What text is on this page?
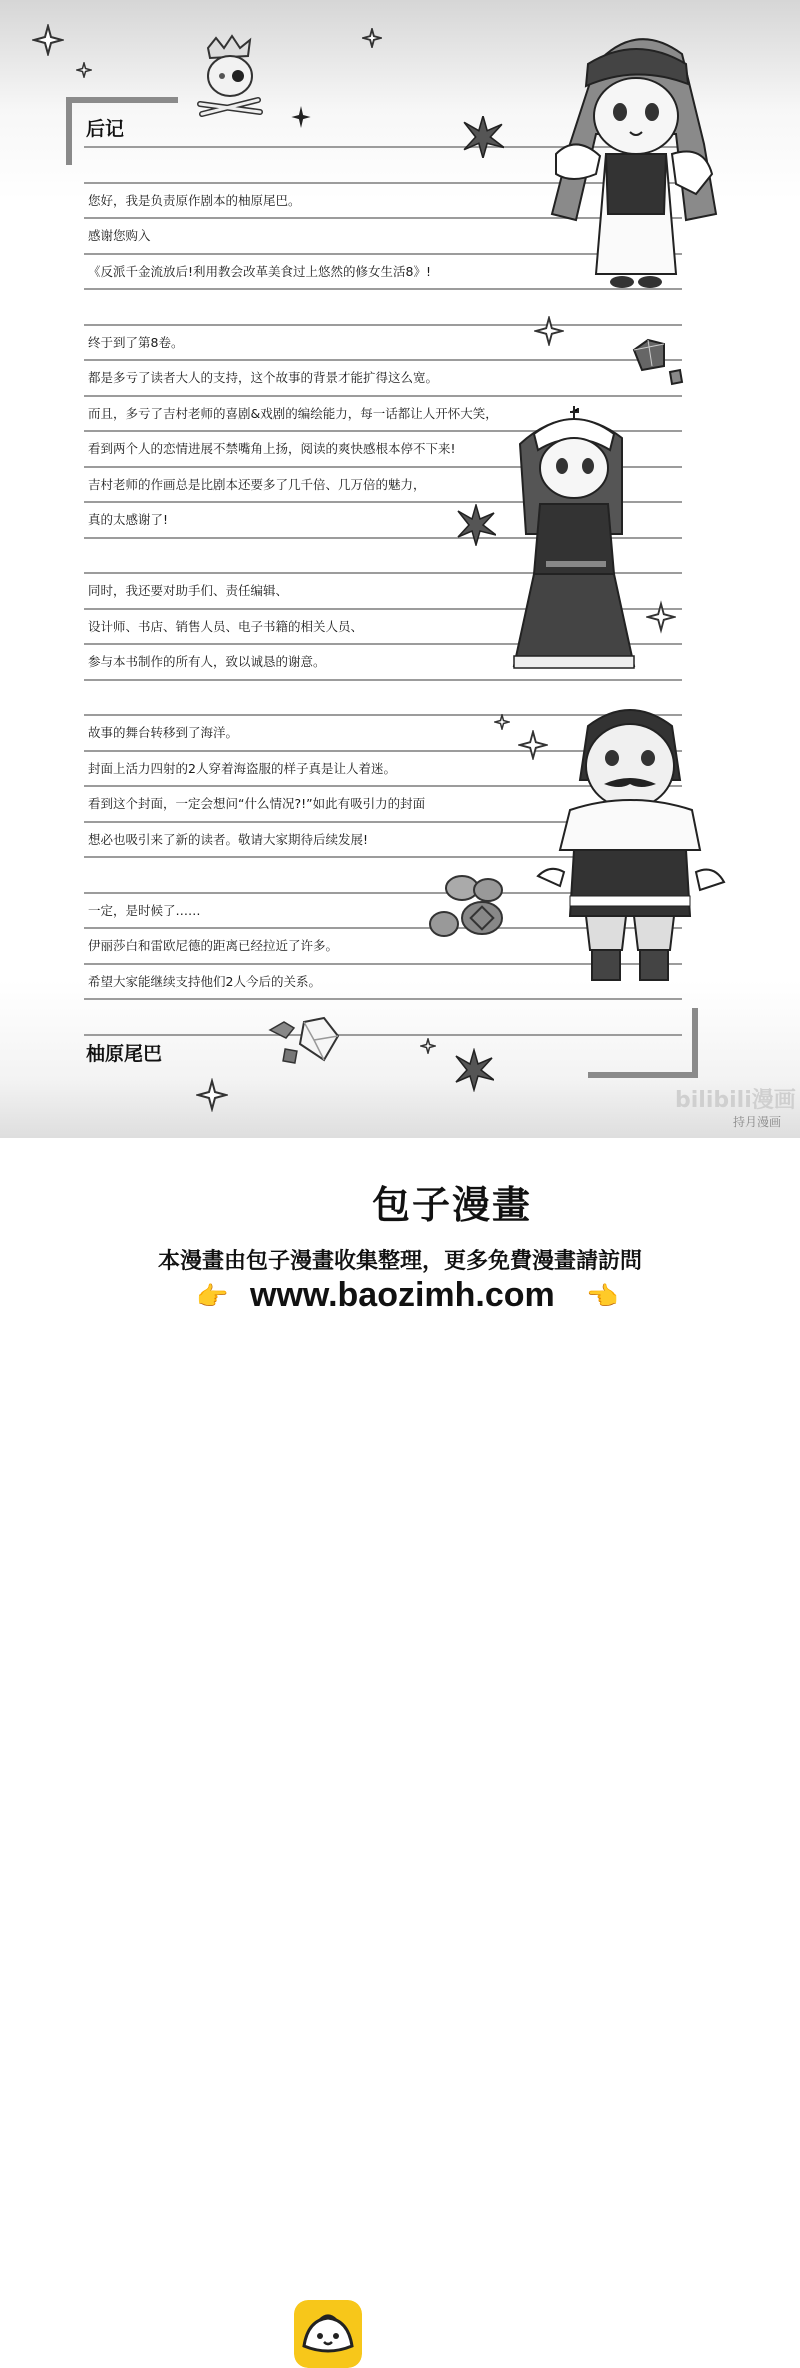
后记
您好，我是负责原作剧本的柚原尾巴。
感谢您购入
《反派千金流放后!利用教会改革美食过上悠然的修女生活8》!
终于到了第8卷。
都是多亏了读者大人的支持，这个故事的背景才能扩得这么宽。
而且，多亏了吉村老师的喜剧&戏剧的编绘能力，每一话都让人开怀大笑，
看到两个人的恋情进展不禁嘴角上扬，阅读的爽快感根本停不下来!
吉村老师的作画总是比剧本还要多了几千倍、几万倍的魅力，
真的太感谢了!
同时，我还要对助手们、责任编辑、
设计师、书店、销售人员、电子书籍的相关人员、
参与本书制作的所有人，致以诚恳的谢意。
故事的舞台转移到了海洋。
封面上活力四射的2人穿着海盗服的样子真是让人着迷。
看到这个封面，一定会想问“什么情况?!”如此有吸引力的封面
想必也吸引来了新的读者。敬请大家期待后续发展!
一定，是时候了……
伊丽莎白和雷欧尼德的距离已经拉近了许多。
希望大家能继续支持他们2人今后的关系。
柚原尾巴
bilibili漫画
持月漫画
包子漫畫
本漫畫由包子漫畫收集整理，更多免費漫畫請訪問
👉 www.baozimh.com 👈
